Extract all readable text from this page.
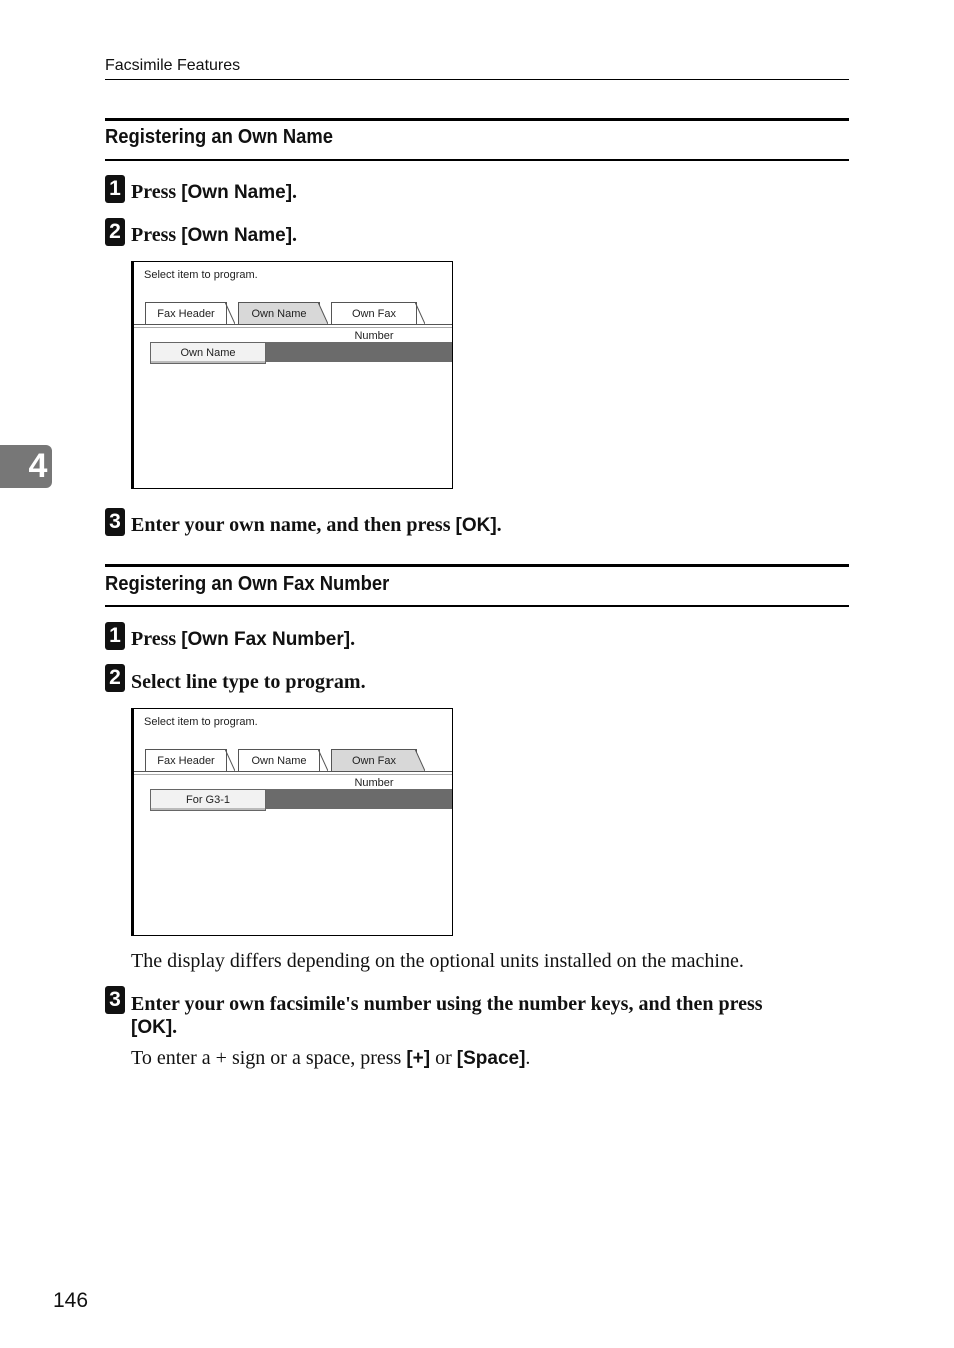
Facsimile Features
Registering an Own Name
1 Press [Own Name].
2 Press [Own Name].
Select item to program.
Fax Header	Own Name	Own Fax Number
Own Name
3 Enter your own name, and then press [OK].
4
Registering an Own Fax Number
1 Press [Own Fax Number].
2 Select line type to program.
Select item to program.
Fax Header	Own Name	Own Fax Number
For G3-1
The display differs depending on the optional units installed on the machine.
3 Enter your own facsimile's number using the number keys, and then press
[OK].
To enter a + sign or a space, press [+] or [Space].
146
